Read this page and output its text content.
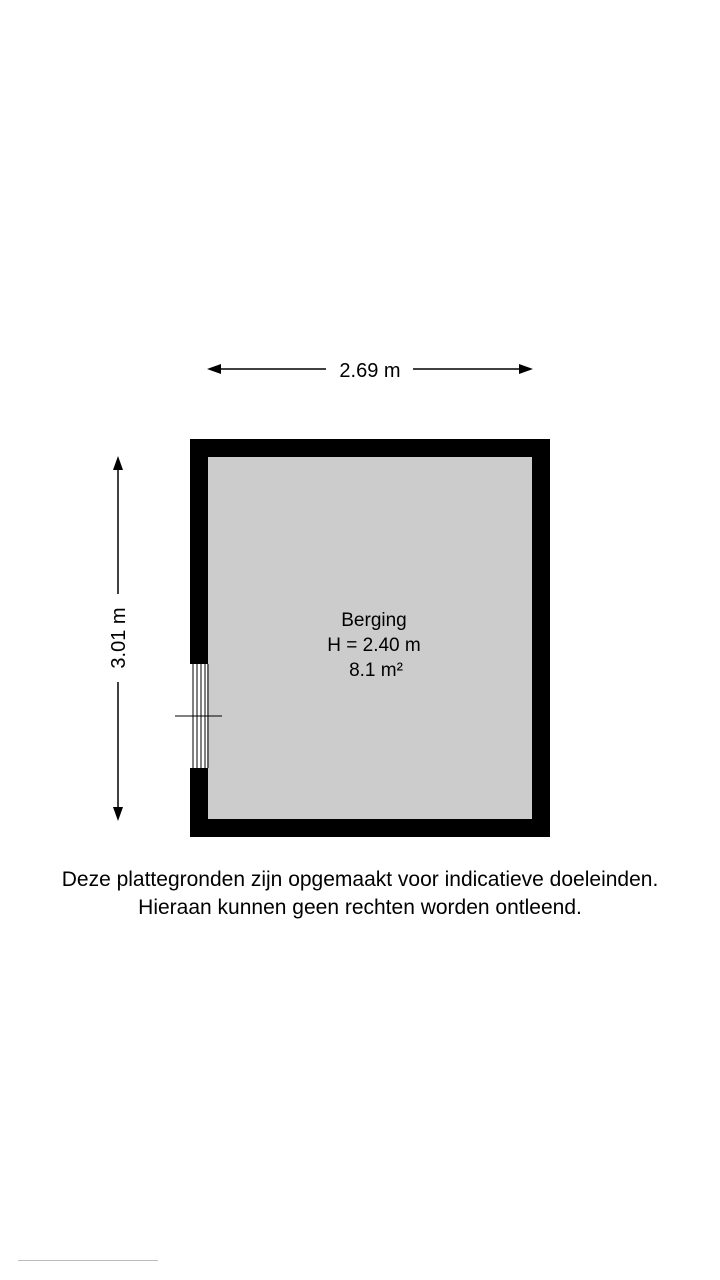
2.69 m
3.01 m	Berging
H = 2.40 m
8.1 m²
Deze plattegronden zijn opgemaakt voor indicatieve doeleinden.
Hieraan kunnen geen rechten worden ontleend.
